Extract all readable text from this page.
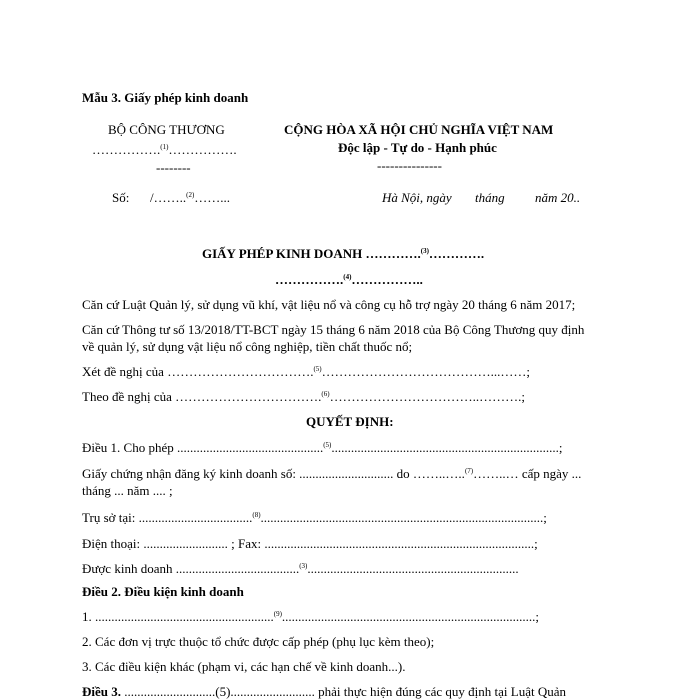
Mẫu 3. Giấy phép kinh doanh
BỘ CÔNG THƯƠNG
…………….$^{(1)}$…………….
--------
Số: /……..$^{(2)}$……...
CỘNG HÒA XÃ HỘI CHỦ NGHĨA VIỆT NAM
Độc lập - Tự do - Hạnh phúc
---------------
Hà Nội, ngày tháng năm 20..
GIẤY PHÉP KINH DOANH ………….$^{(3)}$………….
…………….$^{(4)}$……………..
Căn cứ Luật Quản lý, sử dụng vũ khí, vật liệu nổ và công cụ hỗ trợ ngày 20 tháng 6 năm 2017;
Căn cứ Thông tư số 13/2018/TT-BCT ngày 15 tháng 6 năm 2018 của Bộ Công Thương quy định
về quản lý, sử dụng vật liệu nổ công nghiệp, tiền chất thuốc nổ;
Xét đề nghị của …………………………….$^{(5)}$…………………………………...……;
Theo đề nghị của …………………………….$^{(6)}$……………………………..……….;
QUYẾT ĐỊNH:
Điều 1. Cho phép .............................................$^{(5)}$......................................................................;
Giấy chứng nhận đăng ký kinh doanh số: ............................. do ……..…..$^{(7)}$……..… cấp ngày ...
tháng ... năm .... ;
Trụ sở tại: ...................................$^{(8)}$.......................................................................................;
Điện thoại: .......................... ; Fax: ...................................................................................;
Được kinh doanh ......................................$^{(3)}$.................................................................
Điều 2. Điều kiện kinh doanh
1. .......................................................$^{(9)}$..............................................................................;
2. Các đơn vị trực thuộc tổ chức được cấp phép (phụ lục kèm theo);
3. Các điều kiện khác (phạm vi, các hạn chế về kinh doanh...).
Điều 3. ............................(5).......................... phải thực hiện đúng các quy định tại Luật Quản
